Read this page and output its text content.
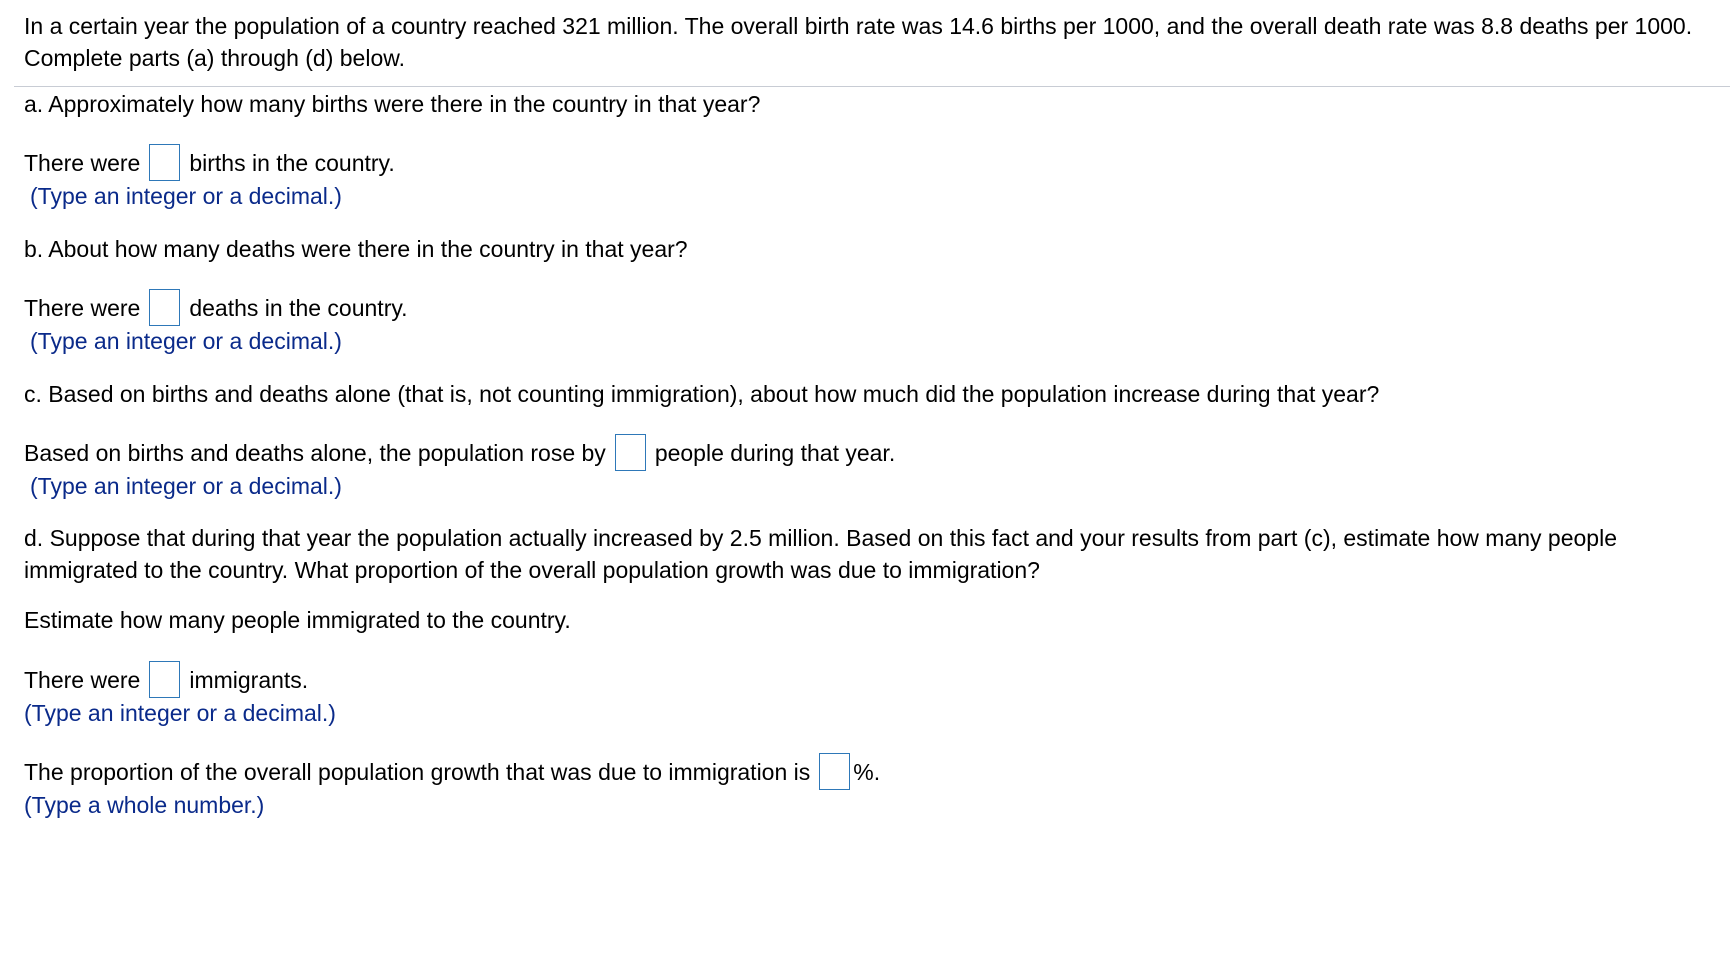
In a certain year the population of a country reached 321 million. The overall birth rate was 14.6 births per 1000, and the overall death rate was 8.8 deaths per 1000. Complete parts (a) through (d) below.
a. Approximately how many births were there in the country in that year?
There were births in the country.
(Type an integer or a decimal.)
b. About how many deaths were there in the country in that year?
There were deaths in the country.
(Type an integer or a decimal.)
c. Based on births and deaths alone (that is, not counting immigration), about how much did the population increase during that year?
Based on births and deaths alone, the population rose by people during that year.
(Type an integer or a decimal.)
d. Suppose that during that year the population actually increased by 2.5 million. Based on this fact and your results from part (c), estimate how many people immigrated to the country. What proportion of the overall population growth was due to immigration?
Estimate how many people immigrated to the country.
There were immigrants.
(Type an integer or a decimal.)
The proportion of the overall population growth that was due to immigration is %.
(Type a whole number.)
